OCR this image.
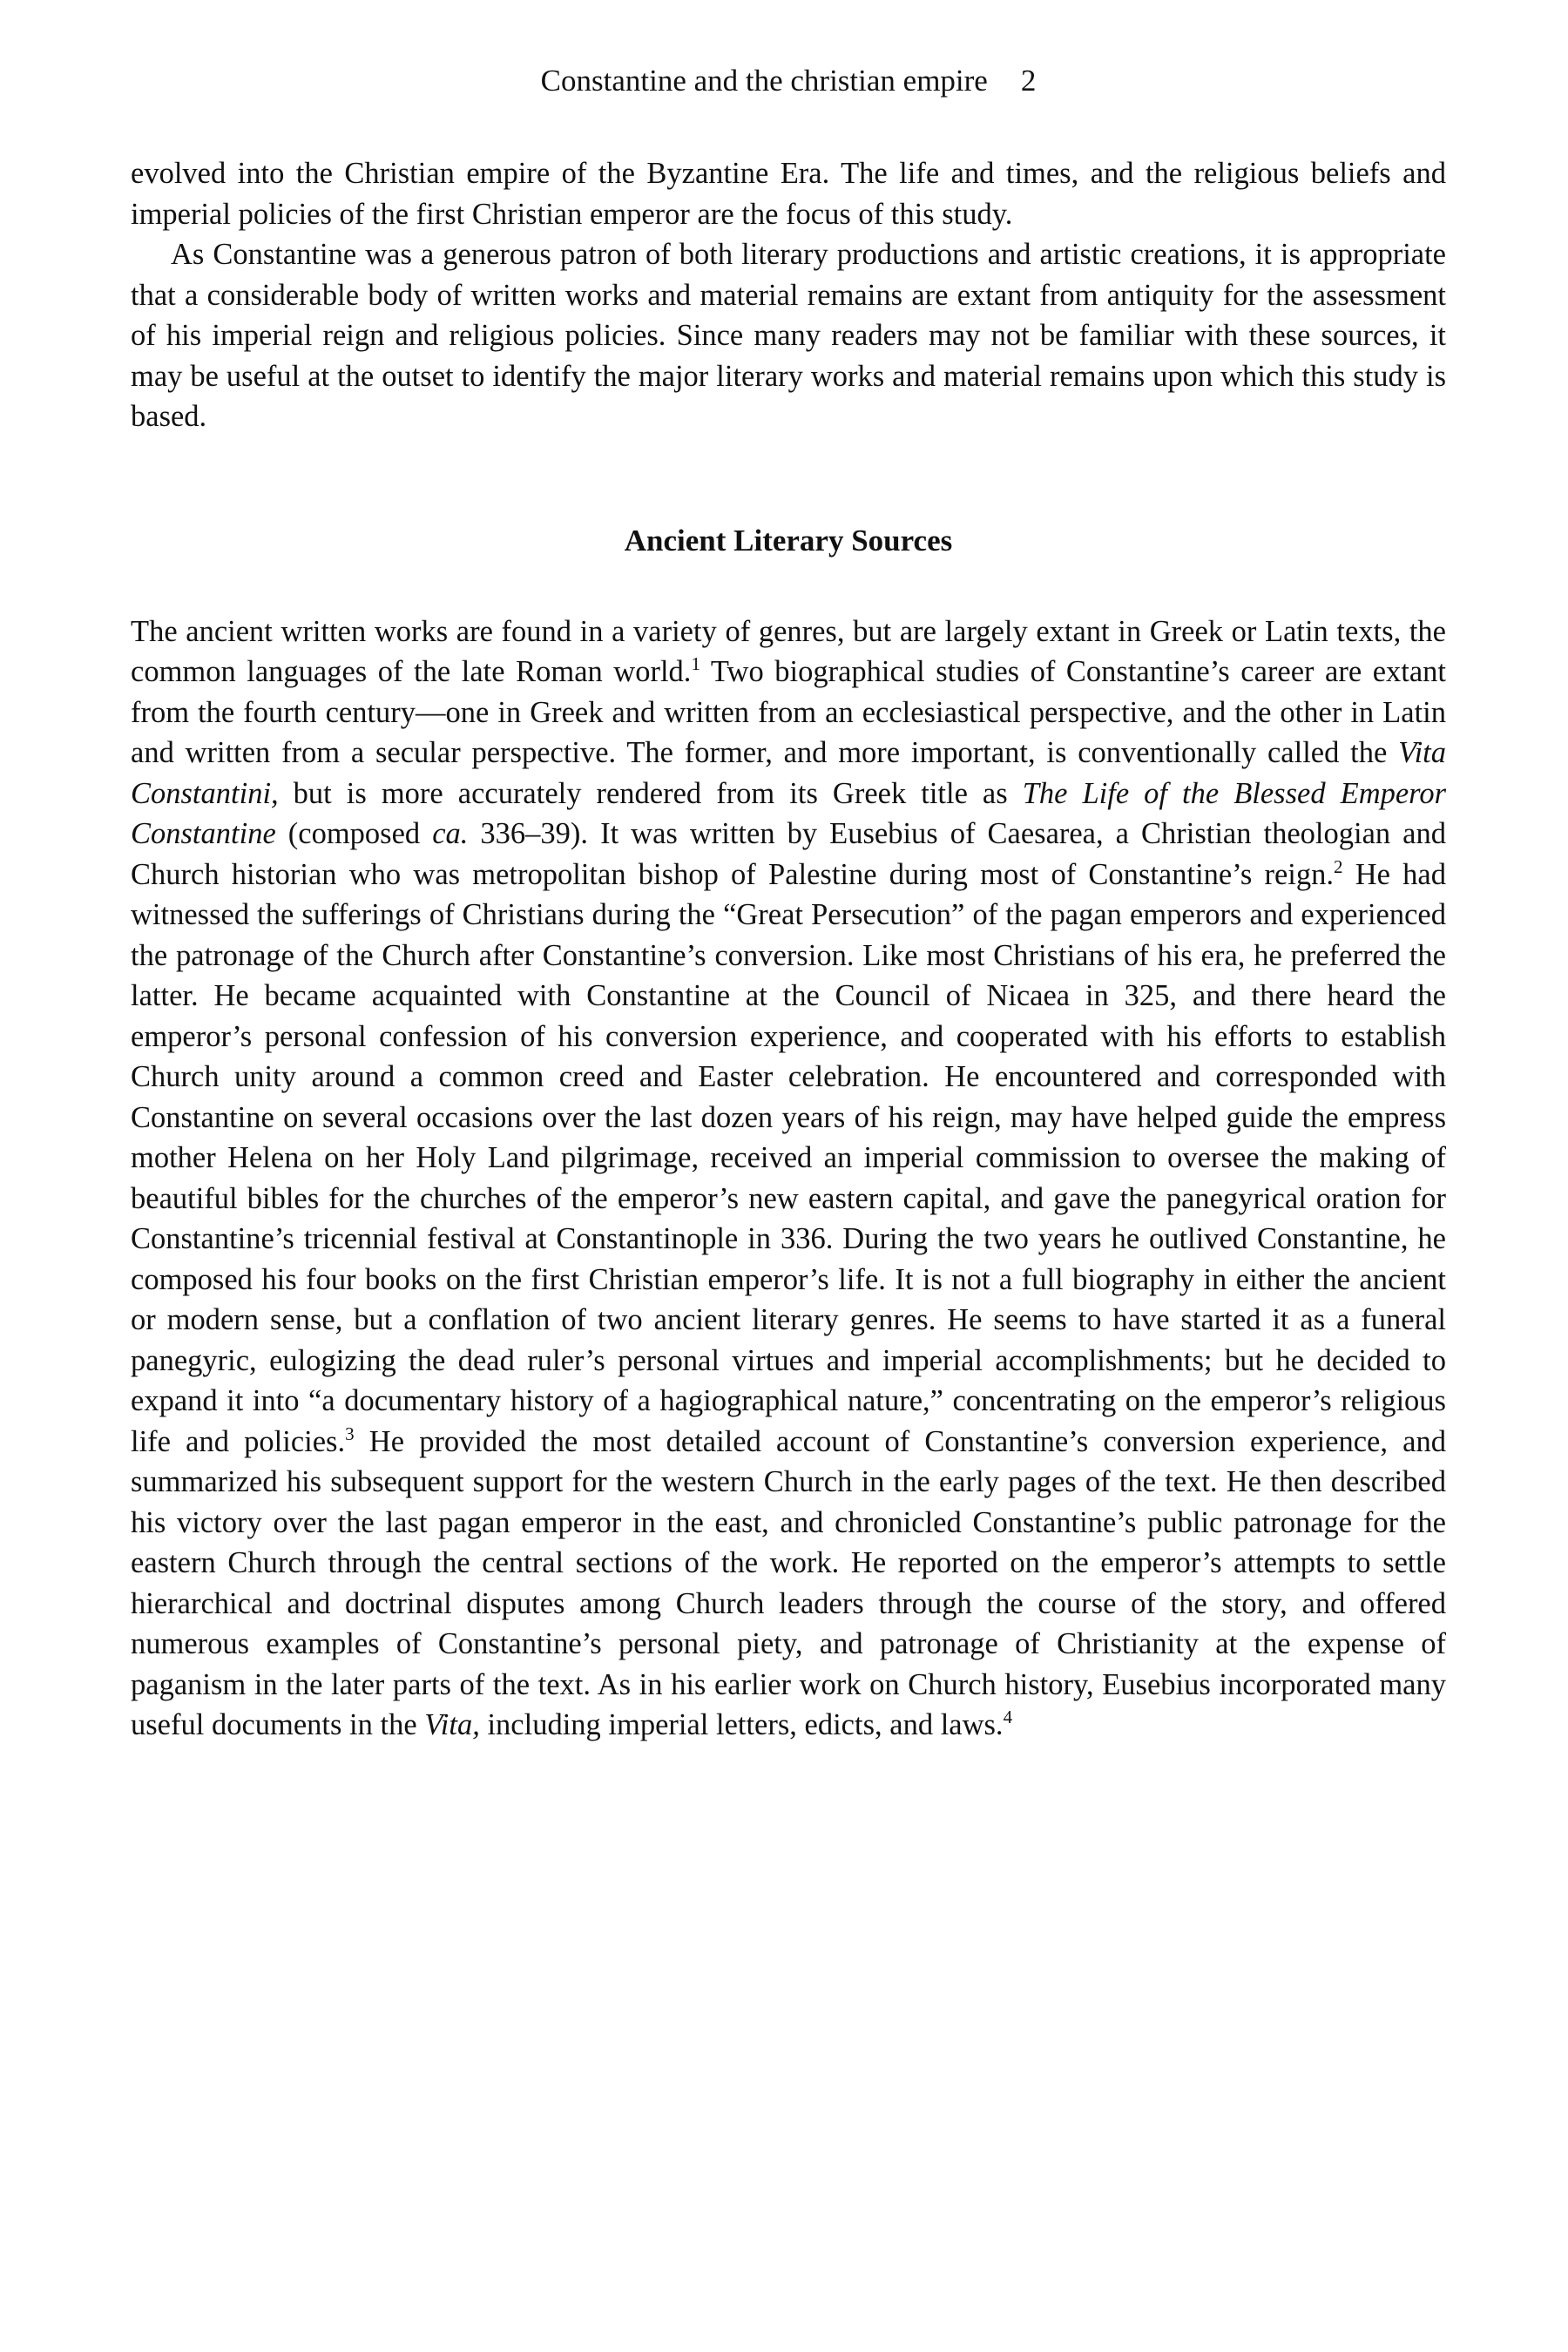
Constantine and the christian empire 2

evolved into the Christian empire of the Byzantine Era. The life and times, and the religious beliefs and imperial policies of the first Christian emperor are the focus of this study.

As Constantine was a generous patron of both literary productions and artistic creations, it is appropriate that a considerable body of written works and material remains are extant from antiquity for the assessment of his imperial reign and religious policies. Since many readers may not be familiar with these sources, it may be useful at the outset to identify the major literary works and material remains upon which this study is based.

Ancient Literary Sources

The ancient written works are found in a variety of genres, but are largely extant in Greek or Latin texts, the common languages of the late Roman world.$^1$ Two biographical studies of Constantine’s career are extant from the fourth century—one in Greek and written from an ecclesiastical perspective, and the other in Latin and written from a secular perspective. The former, and more important, is conventionally called the Vita Constantini, but is more accurately rendered from its Greek title as The Life of the Blessed Emperor Constantine (composed ca. 336–39). It was written by Eusebius of Caesarea, a Christian theologian and Church historian who was metropolitan bishop of Palestine during most of Constantine’s reign.$^2$ He had witnessed the sufferings of Christians during the “Great Persecution” of the pagan emperors and experienced the patronage of the Church after Constantine’s conversion. Like most Christians of his era, he preferred the latter. He became acquainted with Constantine at the Council of Nicaea in 325, and there heard the emperor’s personal confession of his conversion experience, and cooperated with his efforts to establish Church unity around a common creed and Easter celebration. He encountered and corresponded with Constantine on several occasions over the last dozen years of his reign, may have helped guide the empress mother Helena on her Holy Land pilgrimage, received an imperial commission to oversee the making of beautiful bibles for the churches of the emperor’s new eastern capital, and gave the panegyrical oration for Constantine’s tricennial festival at Constantinople in 336. During the two years he outlived Constantine, he composed his four books on the first Christian emperor’s life. It is not a full biography in either the ancient or modern sense, but a conflation of two ancient literary genres. He seems to have started it as a funeral panegyric, eulogizing the dead ruler’s personal virtues and imperial accomplishments; but he decided to expand it into “a documentary history of a hagiographical nature,” concentrating on the emperor’s religious life and policies.$^3$ He provided the most detailed account of Constantine’s conversion experience, and summarized his subsequent support for the western Church in the early pages of the text. He then described his victory over the last pagan emperor in the east, and chronicled Constantine’s public patronage for the eastern Church through the central sections of the work. He reported on the emperor’s attempts to settle hierarchical and doctrinal disputes among Church leaders through the course of the story, and offered numerous examples of Constantine’s personal piety, and patronage of Christianity at the expense of paganism in the later parts of the text. As in his earlier work on Church history, Eusebius incorporated many useful documents in the Vita, including imperial letters, edicts, and laws.$^4$
